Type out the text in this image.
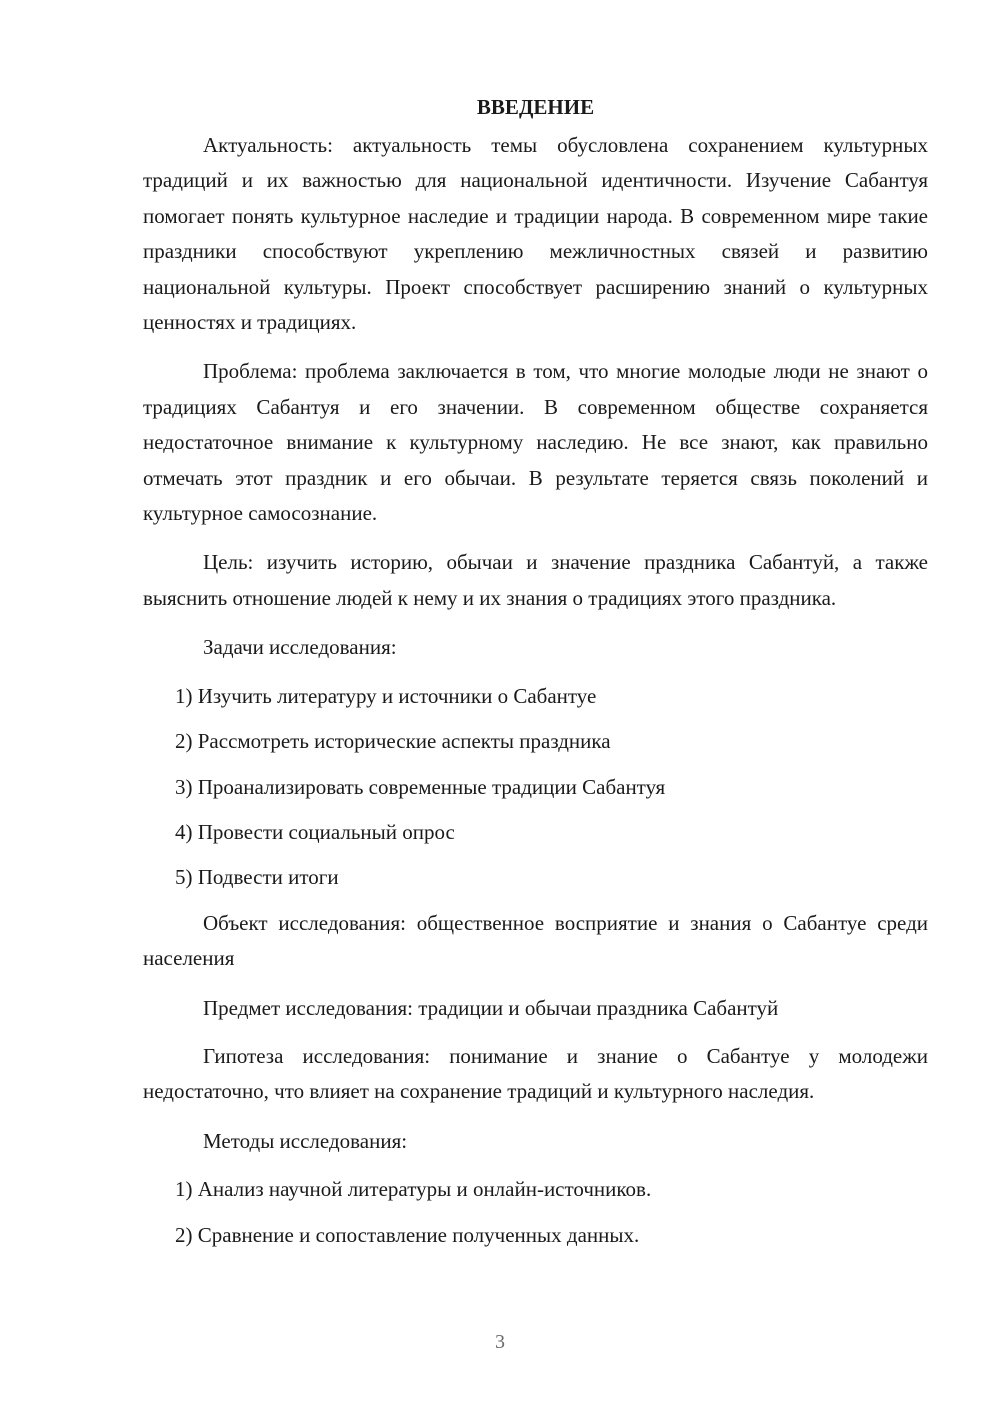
ВВЕДЕНИЕ
Актуальность: актуальность темы обусловлена сохранением культурных традиций и их важностью для национальной идентичности. Изучение Сабантуя помогает понять культурное наследие и традиции народа. В современном мире такие праздники способствуют укреплению межличностных связей и развитию национальной культуры. Проект способствует расширению знаний о культурных ценностях и традициях.
Проблема: проблема заключается в том, что многие молодые люди не знают о традициях Сабантуя и его значении. В современном обществе сохраняется недостаточное внимание к культурному наследию. Не все знают, как правильно отмечать этот праздник и его обычаи. В результате теряется связь поколений и культурное самосознание.
Цель: изучить историю, обычаи и значение праздника Сабантуй, а также выяснить отношение людей к нему и их знания о традициях этого праздника.
Задачи исследования:
1) Изучить литературу и источники о Сабантуе
2) Рассмотреть исторические аспекты праздника
3) Проанализировать современные традиции Сабантуя
4) Провести социальный опрос
5) Подвести итоги
Объект исследования: общественное восприятие и знания о Сабантуе среди населения
Предмет исследования: традиции и обычаи праздника Сабантуй
Гипотеза исследования: понимание и знание о Сабантуе у молодежи недостаточно, что влияет на сохранение традиций и культурного наследия.
Методы исследования:
1) Анализ научной литературы и онлайн-источников.
2) Сравнение и сопоставление полученных данных.
3
